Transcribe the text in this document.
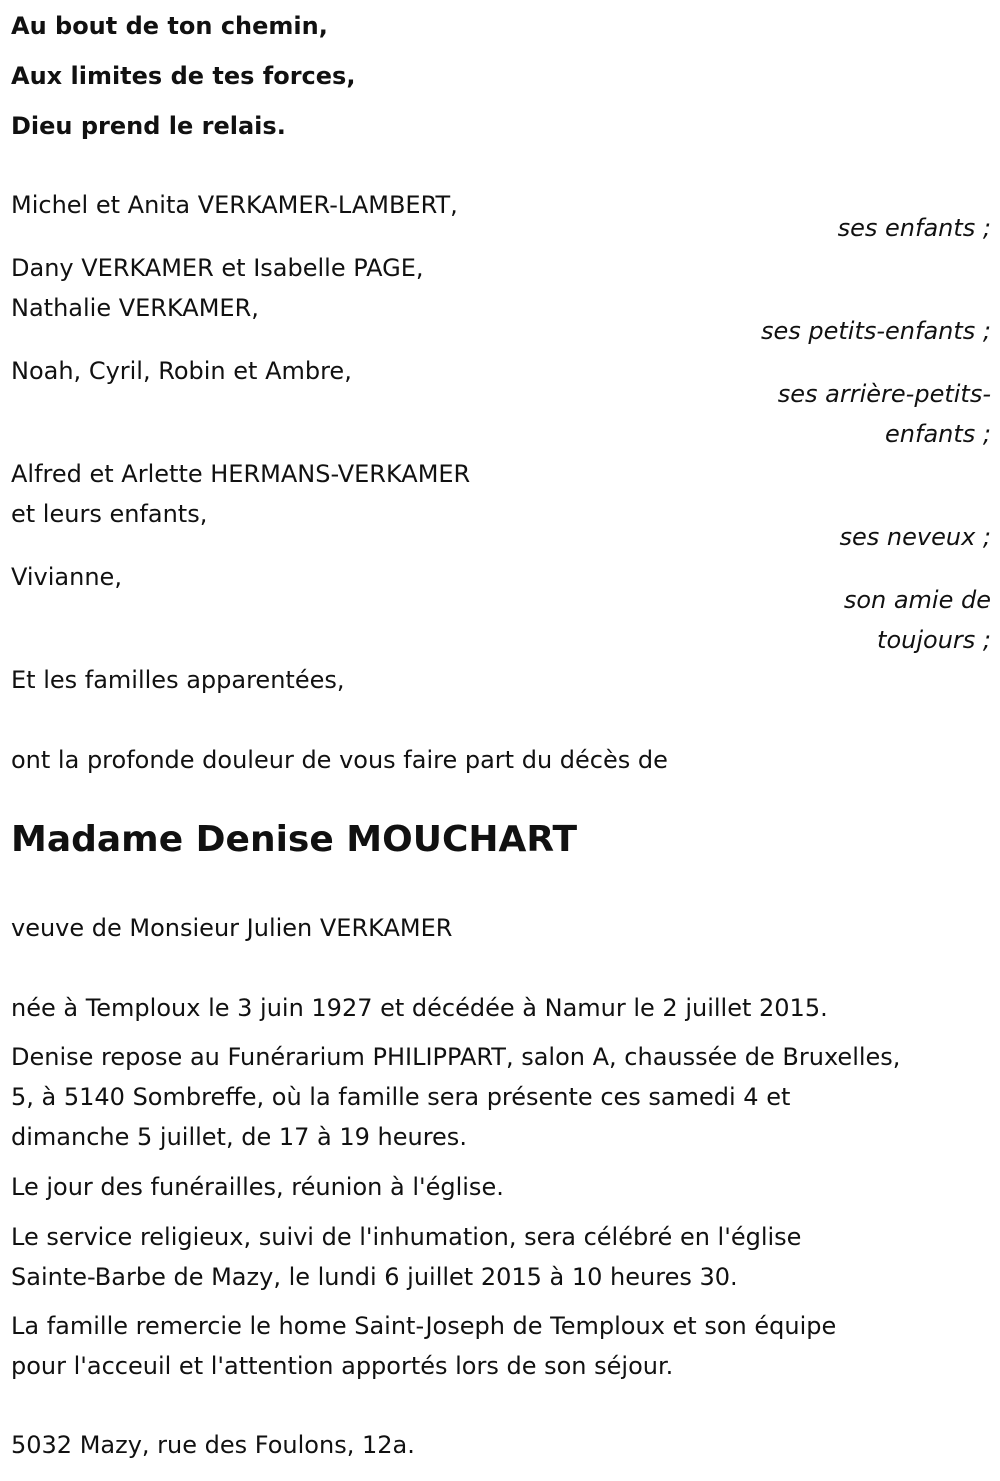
Au bout de ton chemin,
Aux limites de tes forces,
Dieu prend le relais.
Michel et Anita VERKAMER-LAMBERT,
ses enfants ;
Dany VERKAMER et Isabelle PAGE,
Nathalie VERKAMER,
ses petits-enfants ;
Noah, Cyril, Robin et Ambre,
ses arrière-petits-
enfants ;
Alfred et Arlette HERMANS-VERKAMER
et leurs enfants,
ses neveux ;
Vivianne,
son amie de
toujours ;
Et les familles apparentées,
ont la profonde douleur de vous faire part du décès de
Madame Denise MOUCHART
veuve de Monsieur Julien VERKAMER
née à Temploux le 3 juin 1927 et décédée à Namur le 2 juillet 2015.
Denise repose au Funérarium PHILIPPART, salon A, chaussée de Bruxelles,
5, à 5140 Sombreffe, où la famille sera présente ces samedi 4 et
dimanche 5 juillet, de 17 à 19 heures.
Le jour des funérailles, réunion à l'église.
Le service religieux, suivi de l'inhumation, sera célébré en l'église
Sainte-Barbe de Mazy, le lundi 6 juillet 2015 à 10 heures 30.
La famille remercie le home Saint-Joseph de Temploux et son équipe
pour l'acceuil et l'attention apportés lors de son séjour.
5032 Mazy, rue des Foulons, 12a.
